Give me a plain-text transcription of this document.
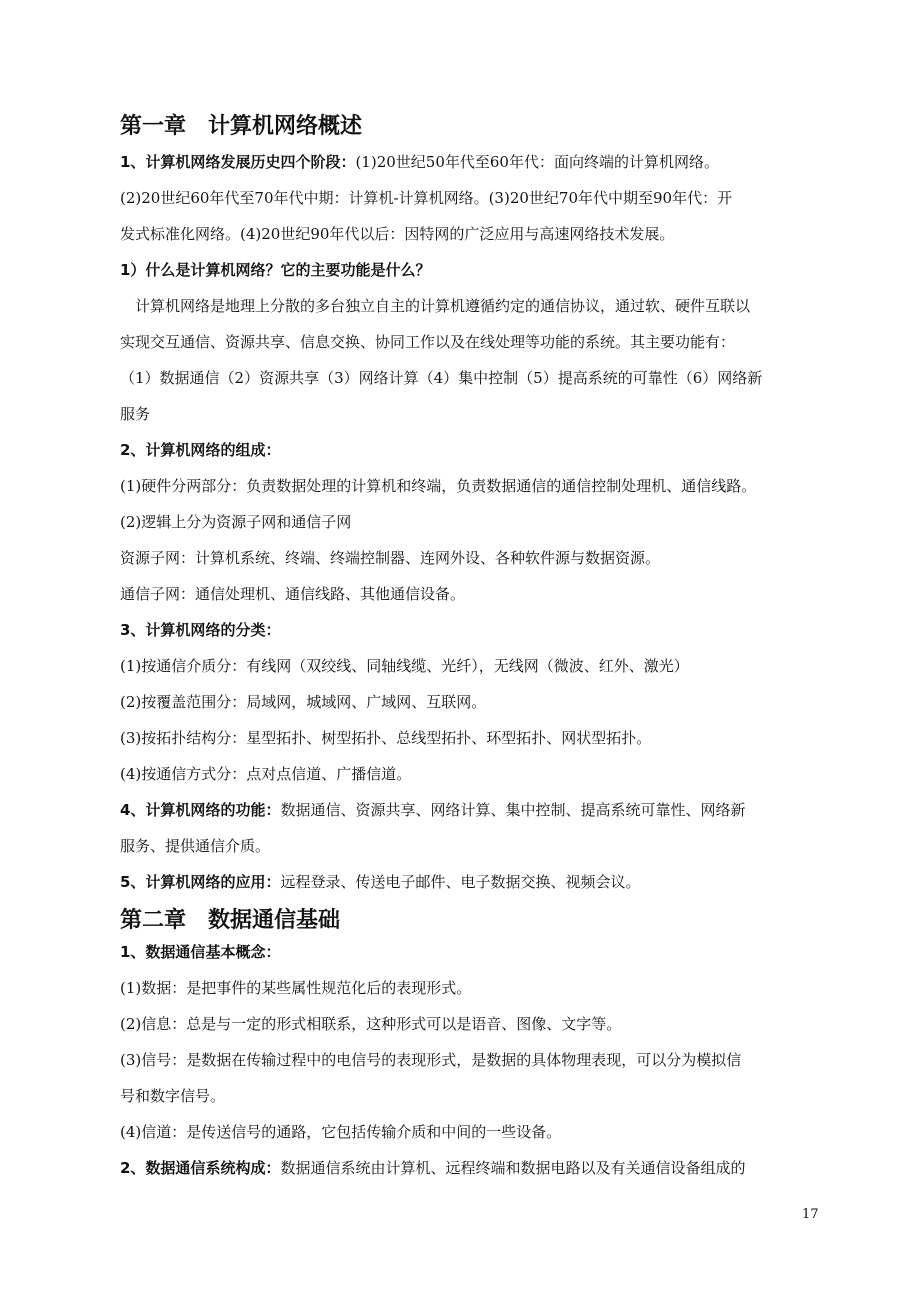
第一章　计算机网络概述
1、计算机网络发展历史四个阶段：(1)20世纪50年代至60年代：面向终端的计算机网络。
(2)20世纪60年代至70年代中期：计算机-计算机网络。(3)20世纪70年代中期至90年代：开
发式标准化网络。(4)20世纪90年代以后：因特网的广泛应用与高速网络技术发展。
1）什么是计算机网络？它的主要功能是什么？
　计算机网络是地理上分散的多台独立自主的计算机遵循约定的通信协议，通过软、硬件互联以
实现交互通信、资源共享、信息交换、协同工作以及在线处理等功能的系统。其主要功能有：
（1）数据通信（2）资源共享（3）网络计算（4）集中控制（5）提高系统的可靠性（6）网络新
服务
2、计算机网络的组成：
(1)硬件分两部分：负责数据处理的计算机和终端，负责数据通信的通信控制处理机、通信线路。
(2)逻辑上分为资源子网和通信子网
资源子网：计算机系统、终端、终端控制器、连网外设、各种软件源与数据资源。
通信子网：通信处理机、通信线路、其他通信设备。
3、计算机网络的分类：
(1)按通信介质分：有线网（双绞线、同轴线缆、光纤），无线网（微波、红外、激光）
(2)按覆盖范围分：局域网，城域网、广域网、互联网。
(3)按拓扑结构分：星型拓扑、树型拓扑、总线型拓扑、环型拓扑、网状型拓扑。
(4)按通信方式分：点对点信道、广播信道。
4、计算机网络的功能：数据通信、资源共享、网络计算、集中控制、提高系统可靠性、网络新
服务、提供通信介质。
5、计算机网络的应用：远程登录、传送电子邮件、电子数据交换、视频会议。
第二章　数据通信基础
1、数据通信基本概念：
(1)数据：是把事件的某些属性规范化后的表现形式。
(2)信息：总是与一定的形式相联系，这种形式可以是语音、图像、文字等。
(3)信号：是数据在传输过程中的电信号的表现形式，是数据的具体物理表现，可以分为模拟信
号和数字信号。
(4)信道：是传送信号的通路，它包括传输介质和中间的一些设备。
2、数据通信系统构成：数据通信系统由计算机、远程终端和数据电路以及有关通信设备组成的
17
